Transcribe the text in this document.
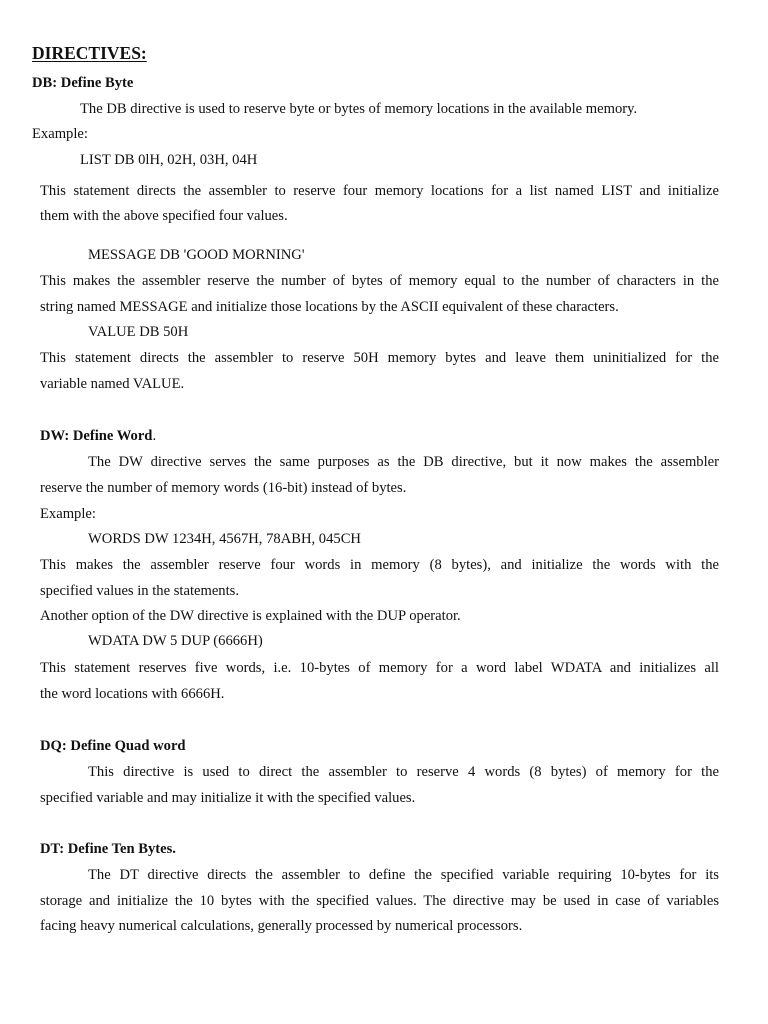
DIRECTIVES:
DB: Define Byte
The DB directive is used to reserve byte or bytes of memory locations in the available memory.
Example:
LIST DB 0lH, 02H, 03H, 04H
This statement directs the assembler to reserve four memory locations for a list named LIST and initialize
them with the above specified four values.
MESSAGE DB 'GOOD MORNING'
This makes the assembler reserve the number of bytes of memory equal to the number of characters in the
string named MESSAGE and initialize those locations by the ASCII equivalent of these characters.
VALUE DB 50H
This statement directs the assembler to reserve 50H memory bytes and leave them uninitialized for the
variable named VALUE.
DW: Define Word.
The DW directive serves the same purposes as the DB directive, but it now makes the assembler
reserve the number of memory words (16-bit) instead of bytes.
Example:
WORDS DW 1234H, 4567H, 78ABH, 045CH
This makes the assembler reserve four words in memory (8 bytes), and initialize the words with the
specified values in the statements.
Another option of the DW directive is explained with the DUP operator.
WDATA DW 5 DUP (6666H)
This statement reserves five words, i.e. 10-bytes of memory for a word label WDATA and initializes all
the word locations with 6666H.
DQ: Define Quad word
This directive is used to direct the assembler to reserve 4 words (8 bytes) of memory for the
specified variable and may initialize it with the specified values.
DT: Define Ten Bytes.
The DT directive directs the assembler to define the specified variable requiring 10-bytes for its
storage and initialize the 10 bytes with the specified values. The directive may be used in case of variables
facing heavy numerical calculations, generally processed by numerical processors.
